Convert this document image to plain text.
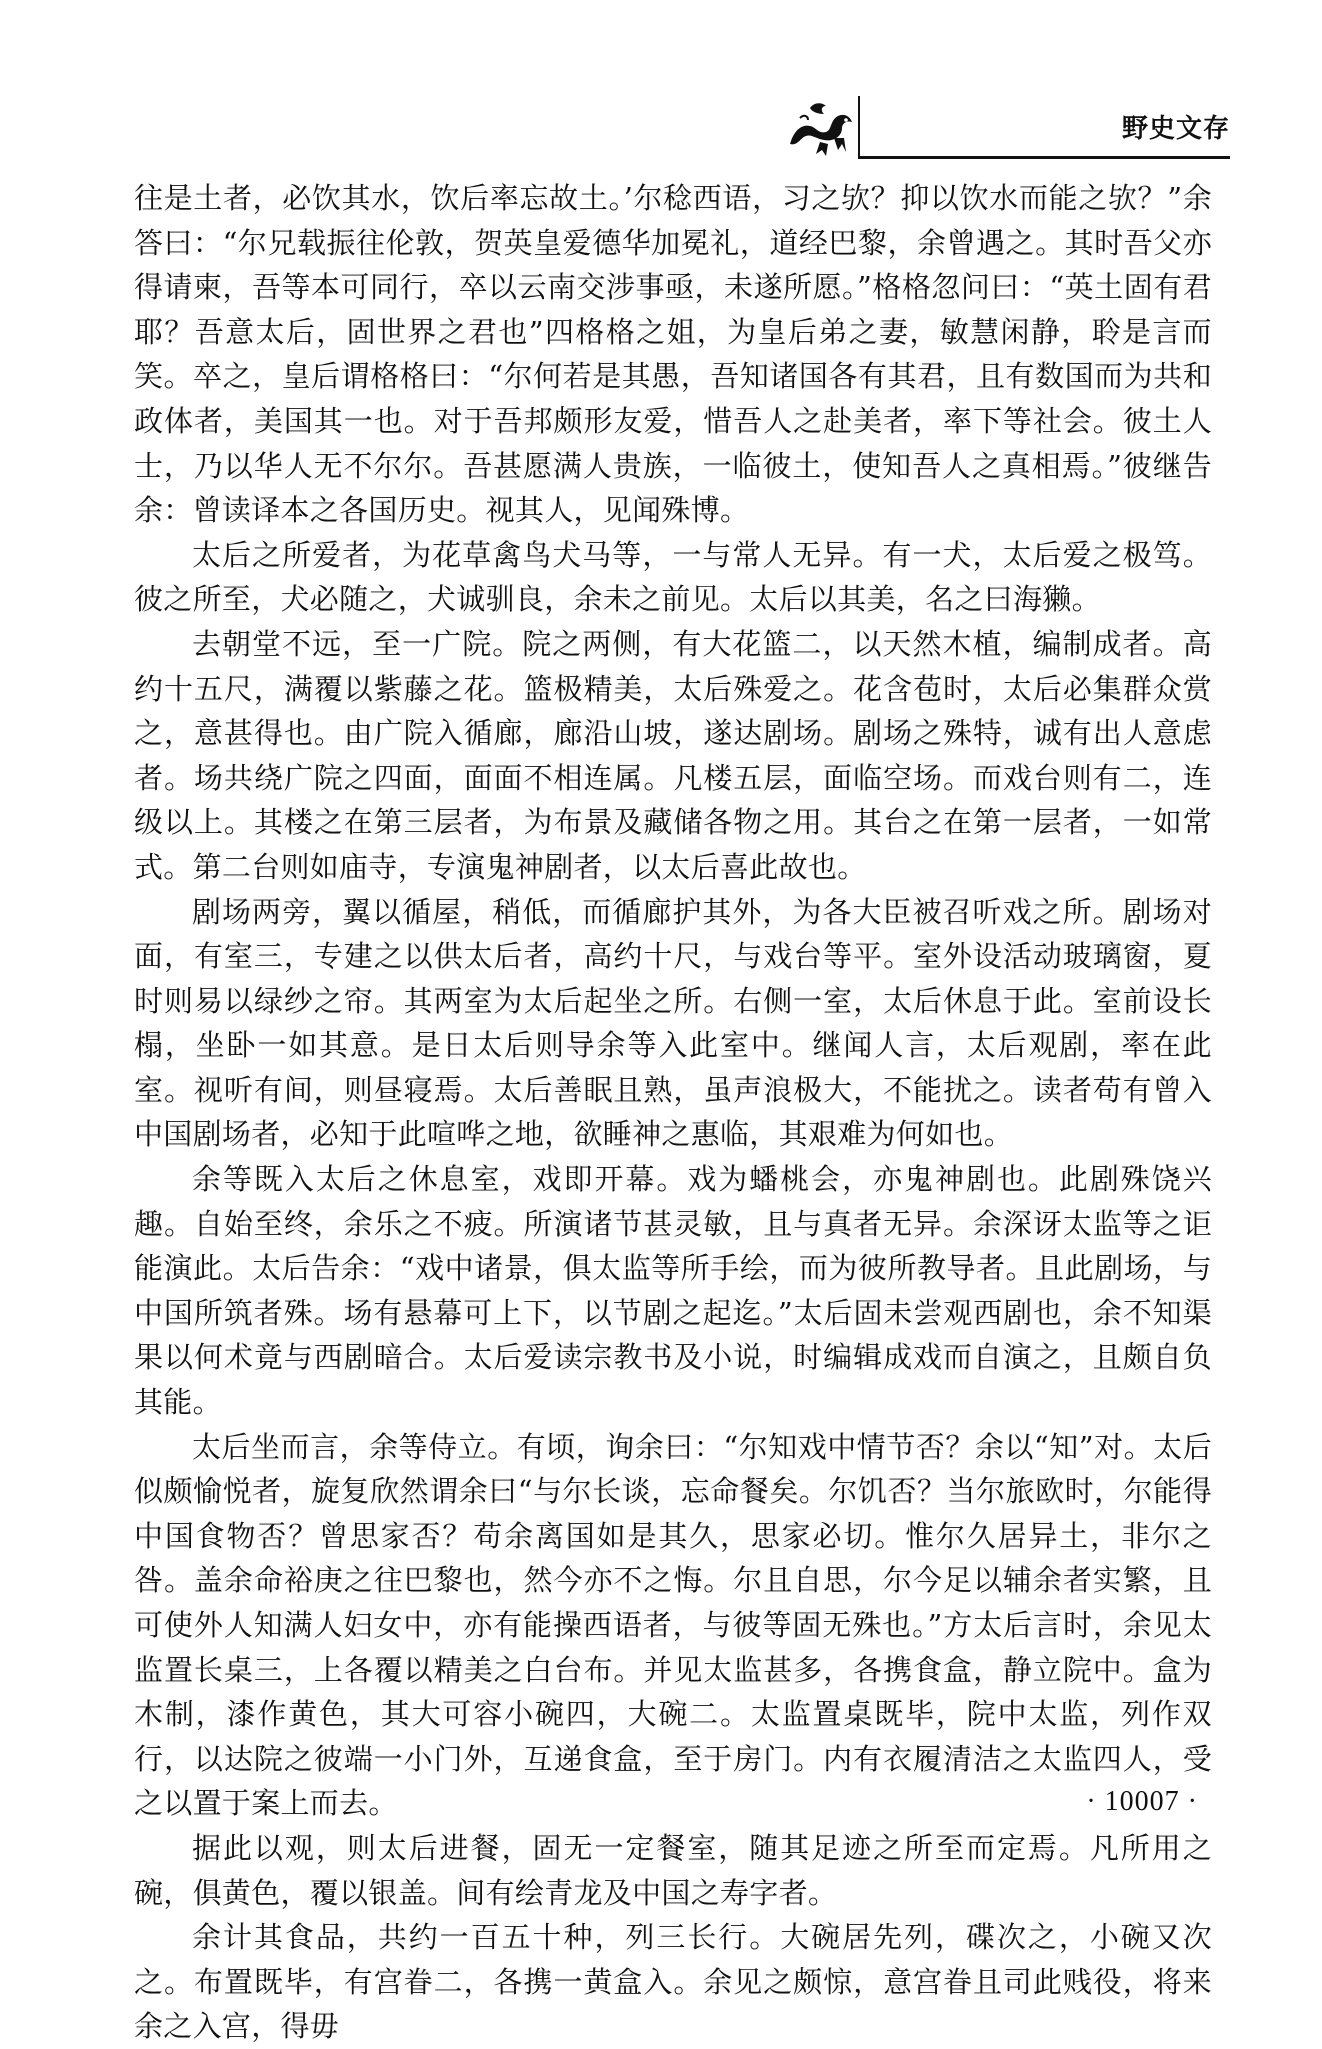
野史文存

往是土者，必饮其水，饮后率忘故土。’尔稔西语，习之欤？抑以饮水而能之欤？”余答曰：“尔兄载振往伦敦，贺英皇爱德华加冕礼，道经巴黎，余曾遇之。其时吾父亦得请柬，吾等本可同行，卒以云南交涉事亟，未遂所愿。”格格忽问曰：“英土固有君耶？吾意太后，固世界之君也”四格格之姐，为皇后弟之妻，敏慧闲静，聆是言而笑。卒之，皇后谓格格曰：“尔何若是其愚，吾知诸国各有其君，且有数国而为共和政体者，美国其一也。对于吾邦颇形友爱，惜吾人之赴美者，率下等社会。彼土人士，乃以华人无不尔尔。吾甚愿满人贵族，一临彼土，使知吾人之真相焉。”彼继告余：曾读译本之各国历史。视其人，见闻殊博。

太后之所爱者，为花草禽鸟犬马等，一与常人无异。有一犬，太后爱之极笃。彼之所至，犬必随之，犬诚驯良，余未之前见。太后以其美，名之曰海獭。

去朝堂不远，至一广院。院之两侧，有大花篮二，以天然木植，编制成者。高约十五尺，满覆以紫藤之花。篮极精美，太后殊爱之。花含苞时，太后必集群众赏之，意甚得也。由广院入循廊，廊沿山坡，遂达剧场。剧场之殊特，诚有出人意虑者。场共绕广院之四面，面面不相连属。凡楼五层，面临空场。而戏台则有二，连级以上。其楼之在第三层者，为布景及藏储各物之用。其台之在第一层者，一如常式。第二台则如庙寺，专演鬼神剧者，以太后喜此故也。

剧场两旁，翼以循屋，稍低，而循廊护其外，为各大臣被召听戏之所。剧场对面，有室三，专建之以供太后者，高约十尺，与戏台等平。室外设活动玻璃窗，夏时则易以绿纱之帘。其两室为太后起坐之所。右侧一室，太后休息于此。室前设长榻，坐卧一如其意。是日太后则导余等入此室中。继闻人言，太后观剧，率在此室。视听有间，则昼寝焉。太后善眠且熟，虽声浪极大，不能扰之。读者苟有曾入中国剧场者，必知于此喧哗之地，欲睡神之惠临，其艰难为何如也。

余等既入太后之休息室，戏即开幕。戏为蟠桃会，亦鬼神剧也。此剧殊饶兴趣。自始至终，余乐之不疲。所演诸节甚灵敏，且与真者无异。余深讶太监等之讵能演此。太后告余：“戏中诸景，俱太监等所手绘，而为彼所教导者。且此剧场，与中国所筑者殊。场有悬幕可上下，以节剧之起迄。”太后固未尝观西剧也，余不知渠果以何术竟与西剧暗合。太后爱读宗教书及小说，时编辑成戏而自演之，且颇自负其能。

太后坐而言，余等侍立。有顷，询余曰：“尔知戏中情节否？余以“知”对。太后似颇愉悦者，旋复欣然谓余曰“与尔长谈，忘命餐矣。尔饥否？当尔旅欧时，尔能得中国食物否？曾思家否？苟余离国如是其久，思家必切。惟尔久居异土，非尔之咎。盖余命裕庚之往巴黎也，然今亦不之悔。尔且自思，尔今足以辅余者实繁，且可使外人知满人妇女中，亦有能操西语者，与彼等固无殊也。”方太后言时，余见太监置长桌三，上各覆以精美之白台布。并见太监甚多，各携食盒，静立院中。盒为木制，漆作黄色，其大可容小碗四，大碗二。太监置桌既毕，院中太监，列作双行，以达院之彼端一小门外，互递食盒，至于房门。内有衣履清洁之太监四人，受之以置于案上而去。

据此以观，则太后进餐，固无一定餐室，随其足迹之所至而定焉。凡所用之碗，俱黄色，覆以银盖。间有绘青龙及中国之寿字者。

余计其食品，共约一百五十种，列三长行。大碗居先列，碟次之，小碗又次之。布置既毕，有宫眷二，各携一黄盒入。余见之颇惊，意宫眷且司此贱役，将来余之入宫，得毋

· 10007 ·
